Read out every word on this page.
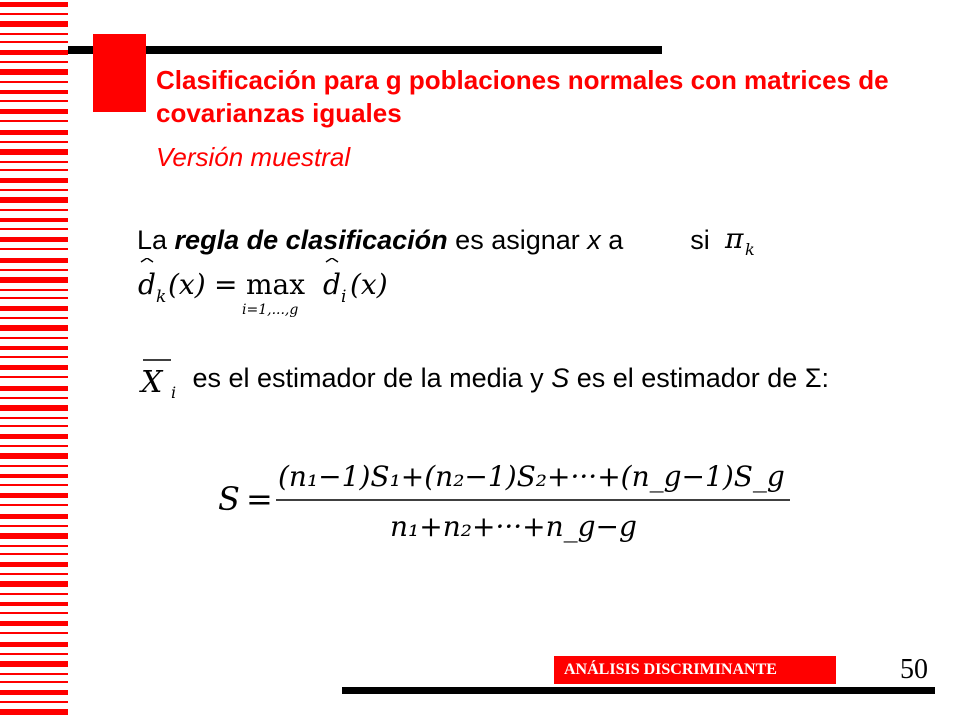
Clasificación para g poblaciones normales con matrices de covarianzas iguales
Versión muestral
La regla de clasificación es asignar x a  si π k
d k (x) = max
i=1,...,g
d i (x)
es el estimador de la media y S es el estimador de Σ:
X i
S =
(n₁−1)S₁+(n₂−1)S₂+···+(n_g−1)S_g
n₁+n₂+···+n_g−g
ANÁLISIS DISCRIMINANTE	50
